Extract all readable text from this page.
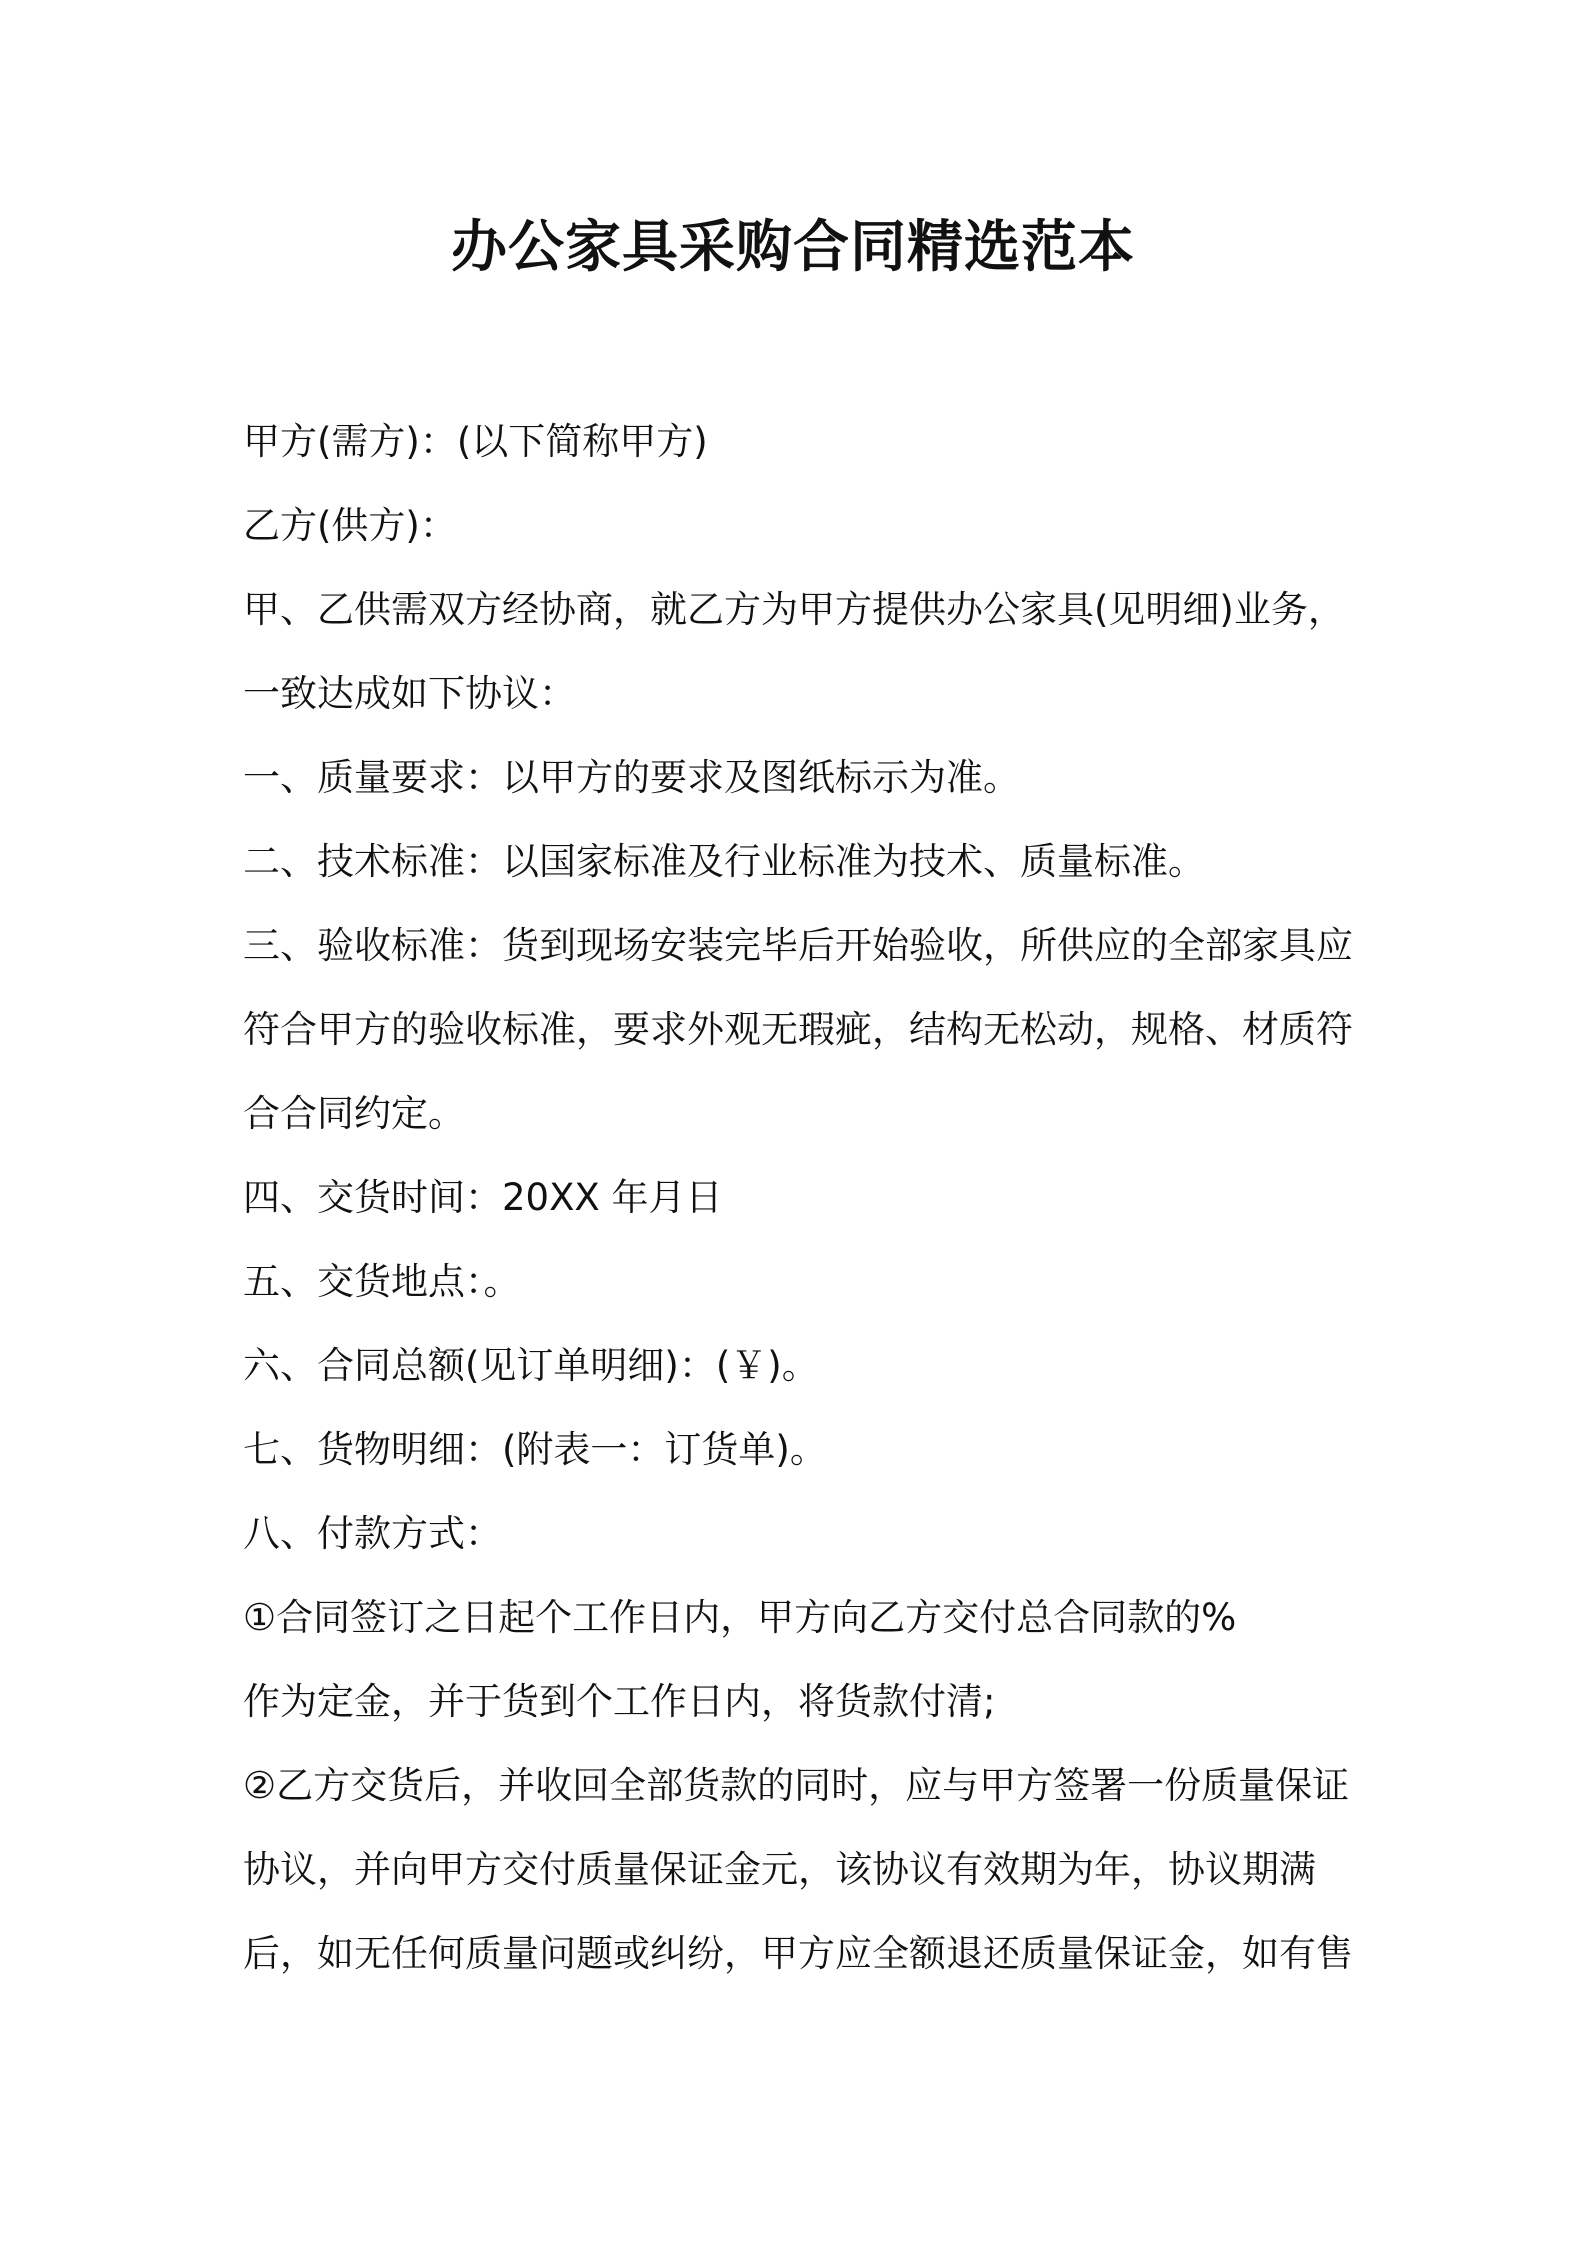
办公家具采购合同精选范本
甲方(需方)：(以下简称甲方)
乙方(供方)：
甲、乙供需双方经协商，就乙方为甲方提供办公家具(见明细)业务，
一致达成如下协议：
一、质量要求：以甲方的要求及图纸标示为准。
二、技术标准：以国家标准及行业标准为技术、质量标准。
三、验收标准：货到现场安装完毕后开始验收，所供应的全部家具应
符合甲方的验收标准，要求外观无瑕疵，结构无松动，规格、材质符
合合同约定。
四、交货时间：20XX 年月日
五、交货地点：。
六、合同总额(见订单明细)：(￥)。
七、货物明细：(附表一：订货单)。
八、付款方式：
①合同签订之日起个工作日内，甲方向乙方交付总合同款的%
作为定金，并于货到个工作日内，将货款付清;
②乙方交货后，并收回全部货款的同时，应与甲方签署一份质量保证
协议，并向甲方交付质量保证金元，该协议有效期为年，协议期满
后，如无任何质量问题或纠纷，甲方应全额退还质量保证金，如有售
